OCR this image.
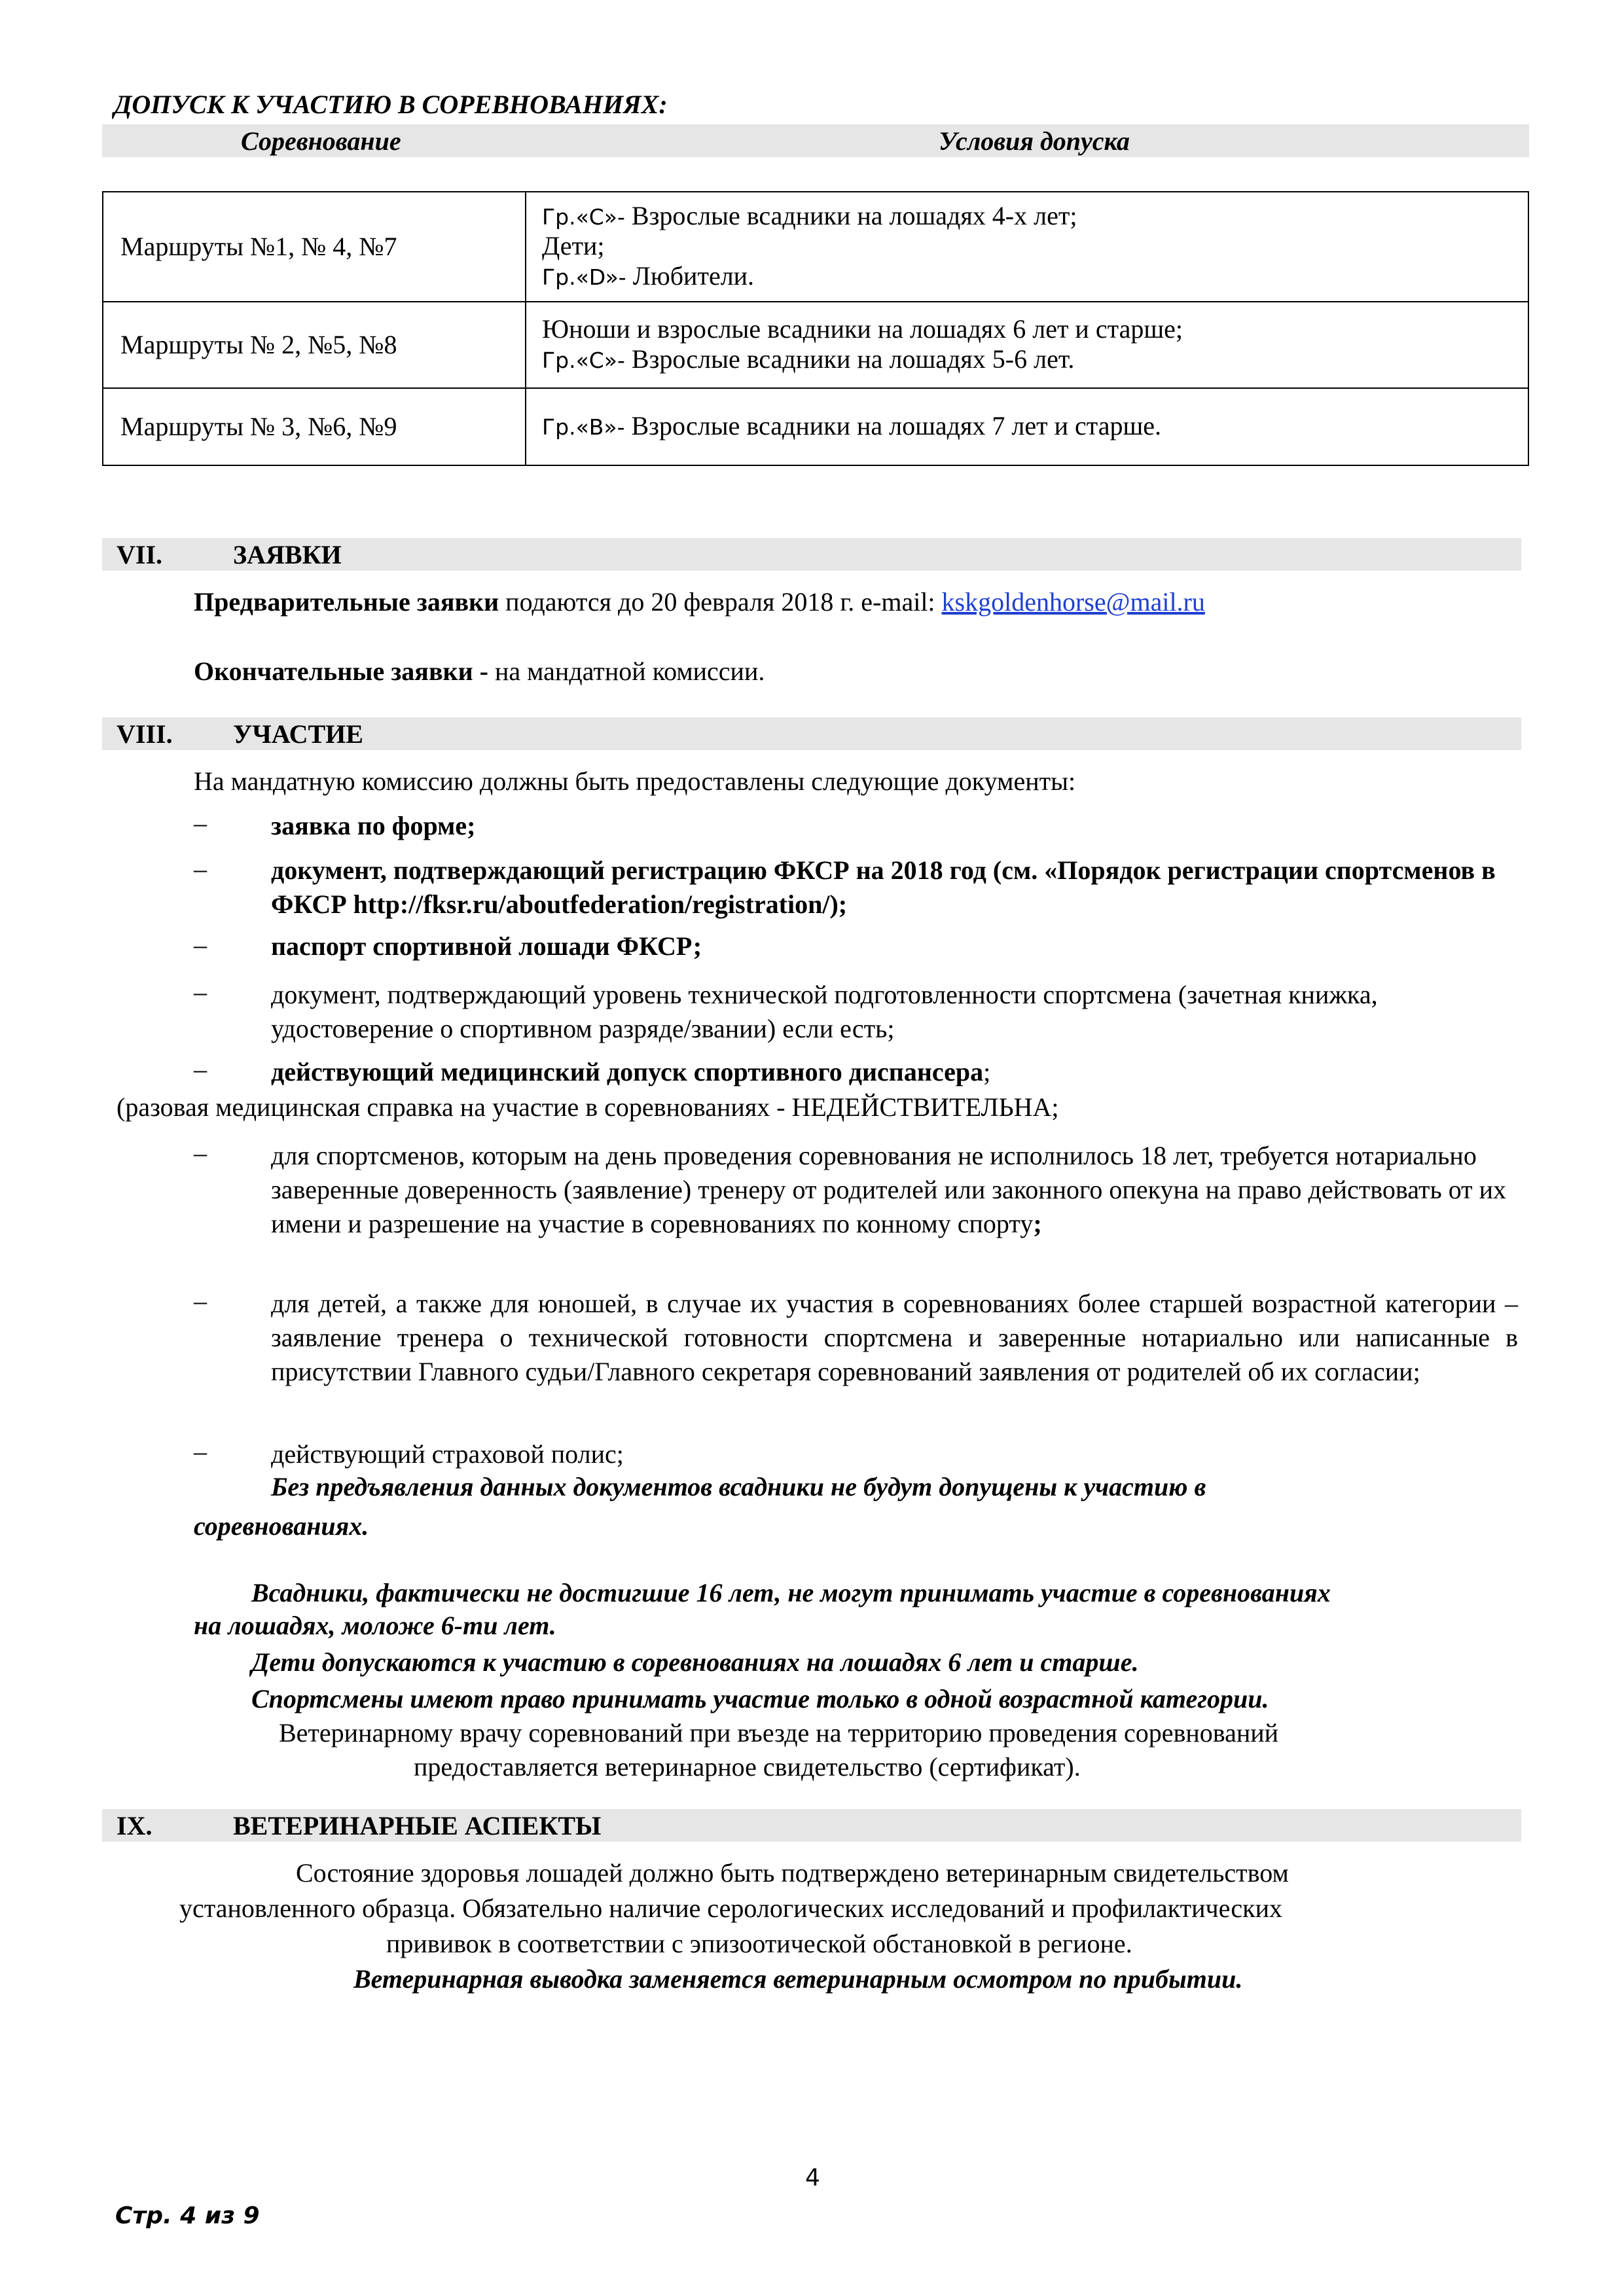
ДОПУСК К УЧАСТИЮ В СОРЕВНОВАНИЯХ:
Соревнование	Условия допуска
Маршруты №1, № 4, №7	Гр.«С»- Взрослые всадники на лошадях 4-х лет;
Дети;
Гр.«D»- Любители.

Маршруты № 2, №5, №8	Юноши и взрослые всадники на лошадях 6 лет и старше;
Гр.«С»- Взрослые всадники на лошадях 5-6 лет.

Маршруты № 3, №6, №9	Гр.«В»- Взрослые всадники на лошадях 7 лет и старше.
VII.	ЗАЯВКИ
Предварительные заявки подаются до 20 февраля 2018 г. e-mail: kskgoldenhorse@mail.ru
Окончательные заявки - на мандатной комиссии.
VIII. УЧАСТИЕ
На мандатную комиссию должны быть предоставлены следующие документы:
– заявка по форме;
– документ, подтверждающий регистрацию ФКСР на 2018 год (см. «Порядок регистрации спортсменов в ФКСР http://fksr.ru/aboutfederation/registration/);
– паспорт спортивной лошади ФКСР;
– документ, подтверждающий уровень технической подготовленности спортсмена (зачетная книжка, удостоверение о спортивном разряде/звании) если есть;
– действующий медицинский допуск спортивного диспансера;
(разовая медицинская справка на участие в соревнованиях - НЕДЕЙСТВИТЕЛЬНА;
– для спортсменов, которым на день проведения соревнования не исполнилось 18 лет, требуется нотариально заверенные доверенность (заявление) тренеру от родителей или законного опекуна на право действовать от их имени и разрешение на участие в соревнованиях по конному спорту;
– для детей, а также для юношей, в случае их участия в соревнованиях более старшей возрастной категории – заявление тренера о технической готовности спортсмена и заверенные нотариально или написанные в присутствии Главного судьи/Главного секретаря соревнований заявления от родителей об их согласии;
– действующий страховой полис;
Без предъявления данных документов всадники не будут допущены к участию в
соревнованиях.
Всадники, фактически не достигшие 16 лет, не могут принимать участие в соревнованиях
на лошадях, моложе 6-ти лет.
Дети допускаются к участию в соревнованиях на лошадях 6 лет и старше.
Спортсмены имеют право принимать участие только в одной возрастной категории.
Ветеринарному врачу соревнований при въезде на территорию проведения соревнований
предоставляется ветеринарное свидетельство (сертификат).
IX.	ВЕТЕРИНАРНЫЕ АСПЕКТЫ
Состояние здоровья лошадей должно быть подтверждено ветеринарным свидетельством
установленного образца. Обязательно наличие серологических исследований и профилактических
прививок в соответствии с эпизоотической обстановкой в регионе.
Ветеринарная выводка заменяется ветеринарным осмотром по прибытии.
4
Стр. 4 из 9
